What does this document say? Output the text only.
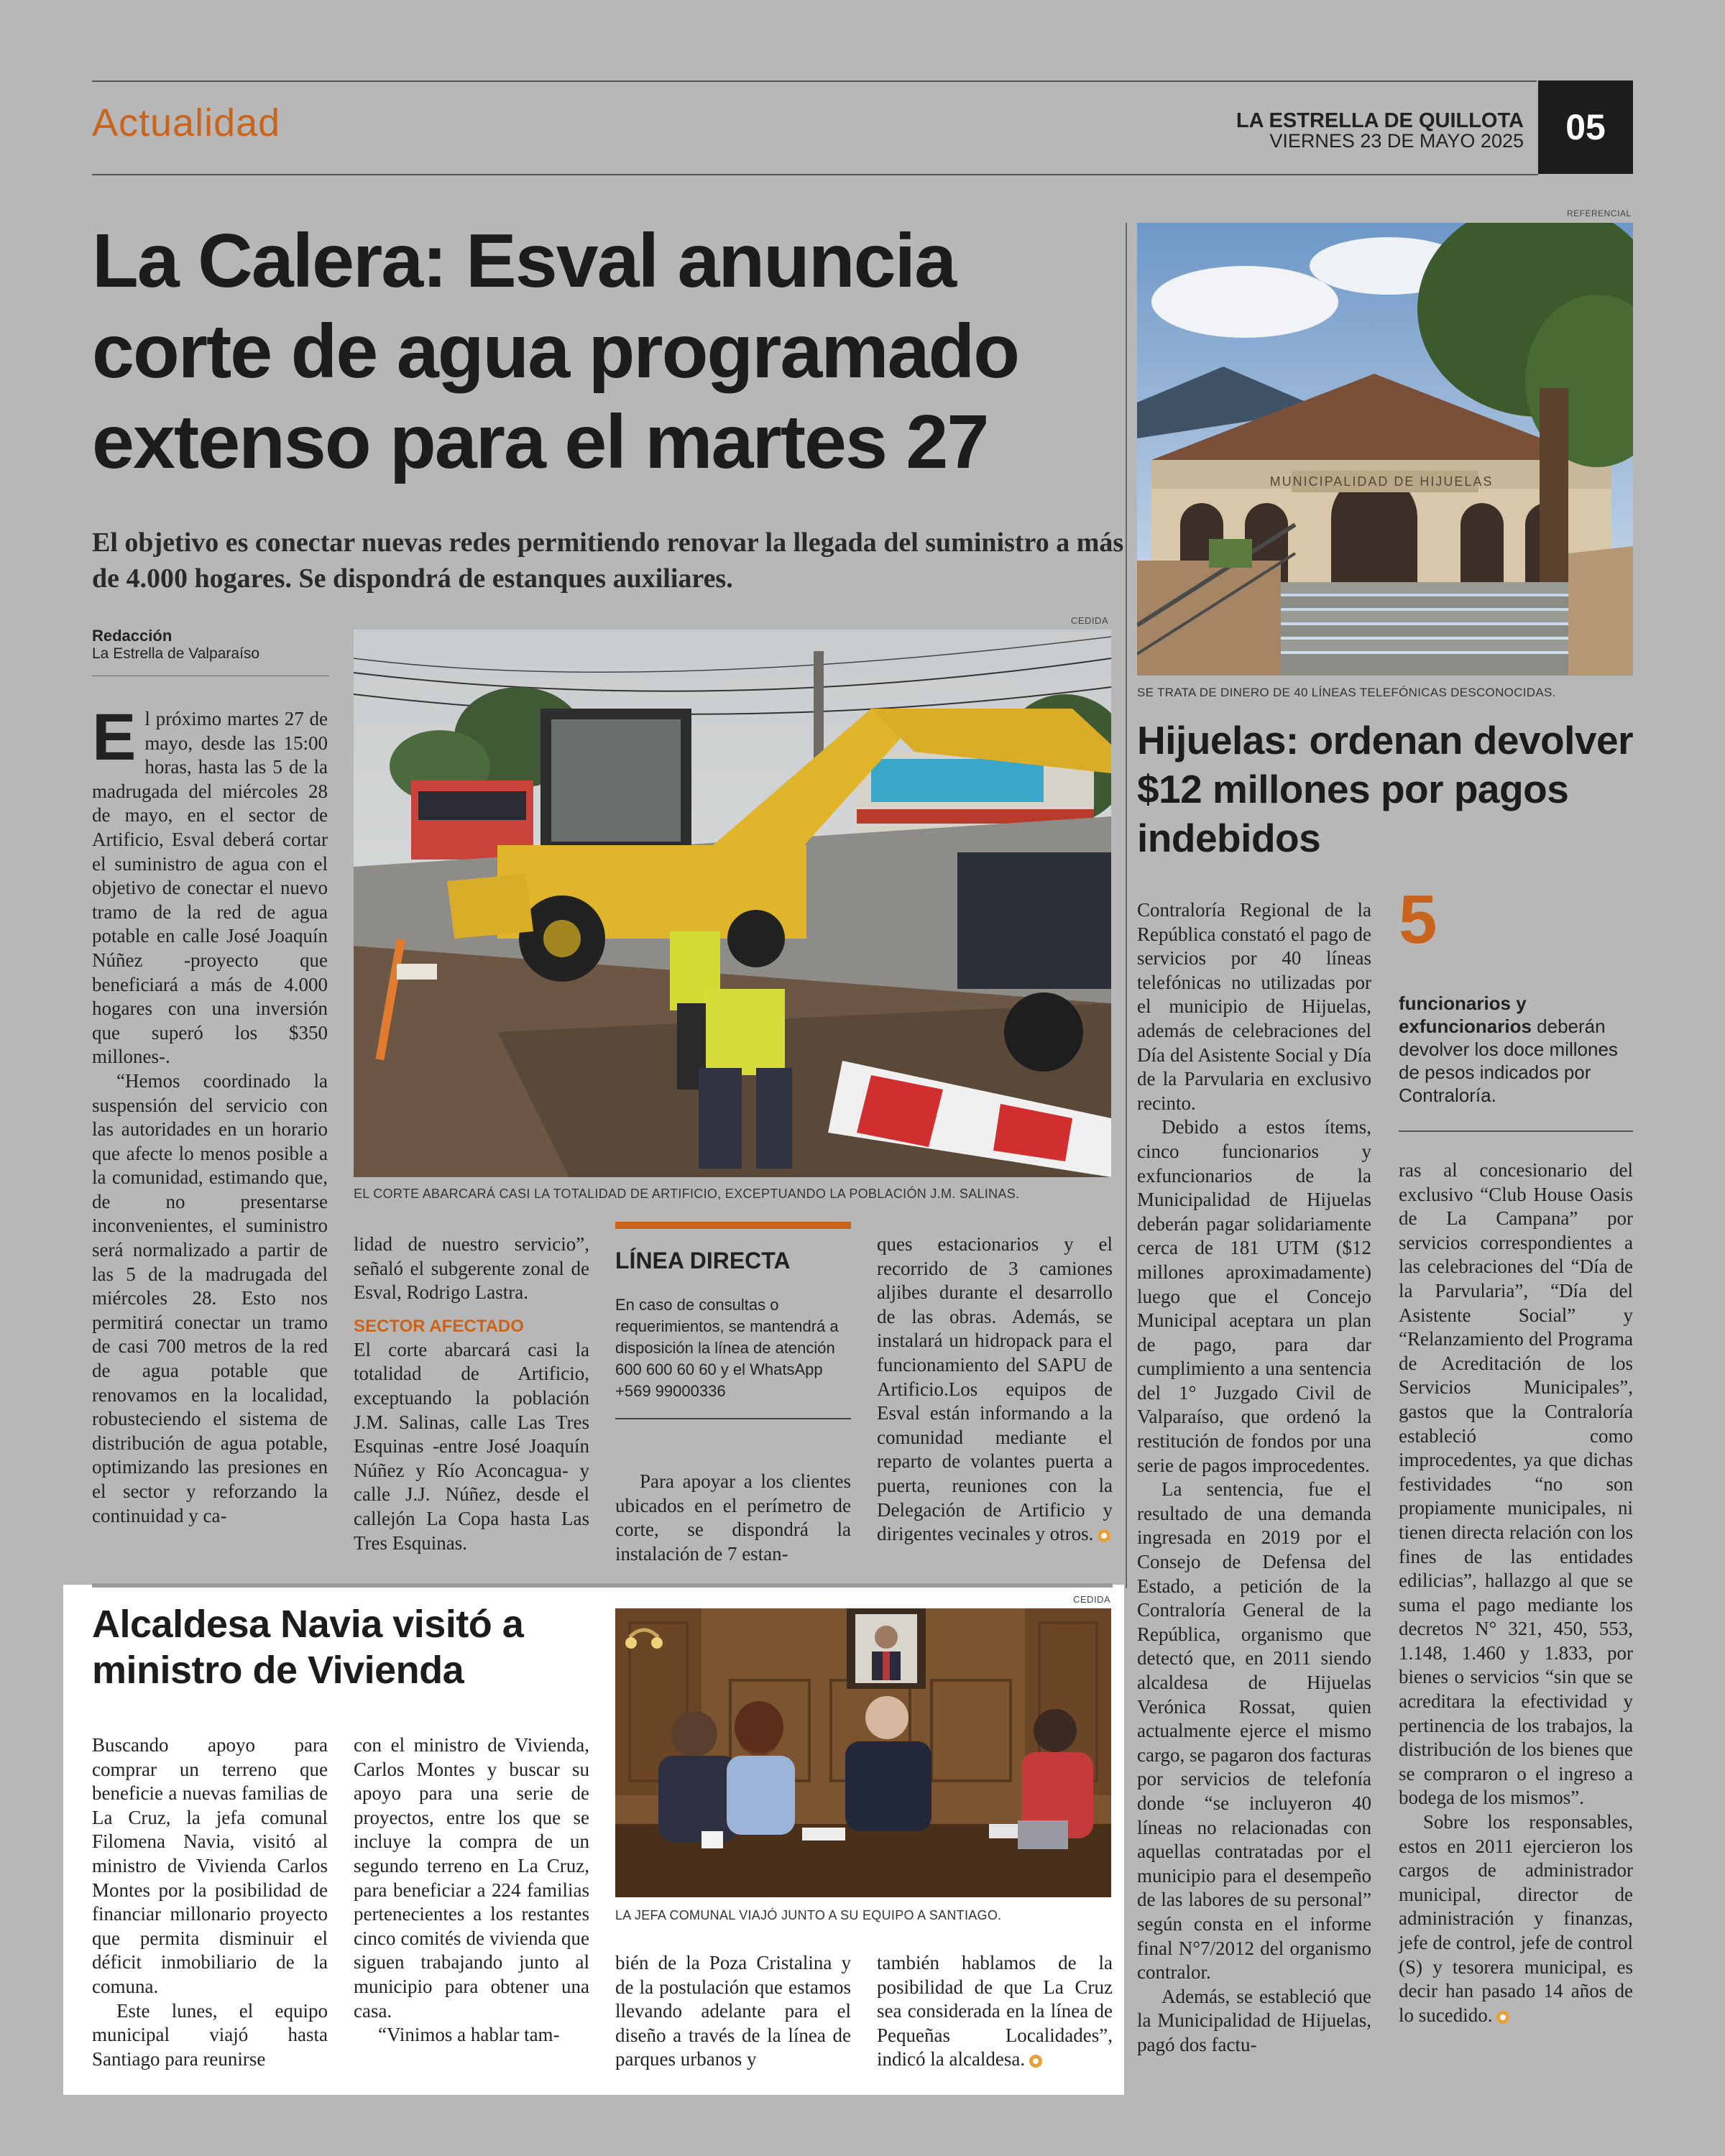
Actualidad	LA ESTRELLA DE QUILLOTA
VIERNES 23 DE MAYO 2025	05
La Calera: Esval anuncia corte de agua programado extenso para el martes 27
El objetivo es conectar nuevas redes permitiendo renovar la llegada del suministro a más de 4.000 hogares. Se dispondrá de estanques auxiliares.
Redacción
La Estrella de Valparaíso
CEDIDA
EL CORTE ABARCARÁ CASI LA TOTALIDAD DE ARTIFICIO, EXCEPTUANDO LA POBLACIÓN J.M. SALINAS.

El próximo martes 27 de mayo, desde las 15:00 horas, hasta las 5 de la madrugada del miércoles 28 de mayo, en el sector de Artificio, Esval deberá cortar el suministro de agua con el objetivo de conectar el nuevo tramo de la red de agua potable en calle José Joaquín Núñez -proyecto que beneficiará a más de 4.000 hogares con una inversión que superó los $350 millones-.

“Hemos coordinado la suspensión del servicio con las autoridades en un horario que afecte lo menos posible a la comunidad, estimando que, de no presentarse inconvenientes, el suministro será normalizado a partir de las 5 de la madrugada del miércoles 28. Esto nos permitirá conectar un tramo de casi 700 metros de la red de agua potable que renovamos en la localidad, robusteciendo el sistema de distribución de agua potable, optimizando las presiones en el sector y reforzando la continuidad y ca-

lidad de nuestro servicio”, señaló el subgerente zonal de Esval, Rodrigo Lastra.

SECTOR AFECTADO

El corte abarcará casi la totalidad de Artificio, exceptuando la población J.M. Salinas, calle Las Tres Esquinas -entre José Joaquín Núñez y Río Aconcagua- y calle J.J. Núñez, desde el callejón La Copa hasta Las Tres Esquinas.

LÍNEA DIRECTA
En caso de consultas o requerimientos, se mantendrá a disposición la línea de atención 600 600 60 60 y el WhatsApp +569 99000336

Para apoyar a los clientes ubicados en el perímetro de corte, se dispondrá la instalación de 7 estan-

ques estacionarios y el recorrido de 3 camiones aljibes durante el desarrollo de las obras. Además, se instalará un hidropack para el funcionamiento del SAPU de Artificio.Los equipos de Esval están informando a la comunidad mediante el reparto de volantes puerta a puerta, reuniones con la Delegación de Artificio y dirigentes vecinales y otros.

REFERENCIAL
MUNICIPALIDAD DE HIJUELAS
SE TRATA DE DINERO DE 40 LÍNEAS TELEFÓNICAS DESCONOCIDAS.
Hijuelas: ordenan devolver $12 millones por pagos indebidos
5
funcionarios y exfuncionarios deberán devolver los doce millones de pesos indicados por Contraloría.

Contraloría Regional de la República constató el pago de servicios por 40 líneas telefónicas no utilizadas por el municipio de Hijuelas, además de celebraciones del Día del Asistente Social y Día de la Parvularia en exclusivo recinto.

Debido a estos ítems, cinco funcionarios y exfuncionarios de la Municipalidad de Hijuelas deberán pagar solidariamente cerca de 181 UTM ($12 millones aproximadamente) luego que el Concejo Municipal aceptara un plan de pago, para dar cumplimiento a una sentencia del 1° Juzgado Civil de Valparaíso, que ordenó la restitución de fondos por una serie de pagos improcedentes.

La sentencia, fue el resultado de una demanda ingresada en 2019 por el Consejo de Defensa del Estado, a petición de la Contraloría General de la República, organismo que detectó que, en 2011 siendo alcaldesa de Hijuelas Verónica Rossat, quien actualmente ejerce el mismo cargo, se pagaron dos facturas por servicios de telefonía donde “se incluyeron 40 líneas no relacionadas con aquellas contratadas por el municipio para el desempeño de las labores de su personal” según consta en el informe final N°7/2012 del organismo contralor.

Además, se estableció que la Municipalidad de Hijuelas, pagó dos factu-

ras al concesionario del exclusivo “Club House Oasis de La Campana” por servicios correspondientes a las celebraciones del “Día de la Parvularia”, “Día del Asistente Social” y “Relanzamiento del Programa de Acreditación de los Servicios Municipales”, gastos que la Contraloría estableció como improcedentes, ya que dichas festividades “no son propiamente municipales, ni tienen directa relación con los fines de las entidades edilicias”, hallazgo al que se suma el pago mediante los decretos N° 321, 450, 553, 1.148, 1.460 y 1.833, por bienes o servicios “sin que se acreditara la efectividad y pertinencia de los trabajos, la distribución de los bienes que se compraron o el ingreso a bodega de los mismos”.

Sobre los responsables, estos en 2011 ejercieron los cargos de administrador municipal, director de administración y finanzas, jefe de control, jefe de control (S) y tesorera municipal, es decir han pasado 14 años de lo sucedido.

Alcaldesa Navia visitó a ministro de Vivienda
CEDIDA
LA JEFA COMUNAL VIAJÓ JUNTO A SU EQUIPO A SANTIAGO.

Buscando apoyo para comprar un terreno que beneficie a nuevas familias de La Cruz, la jefa comunal Filomena Navia, visitó al ministro de Vivienda Carlos Montes por la posibilidad de financiar millonario proyecto que permita disminuir el déficit inmobiliario de la comuna.

Este lunes, el equipo municipal viajó hasta Santiago para reunirse

con el ministro de Vivienda, Carlos Montes y buscar su apoyo para una serie de proyectos, entre los que se incluye la compra de un segundo terreno en La Cruz, para beneficiar a 224 familias pertenecientes a los restantes cinco comités de vivienda que siguen trabajando junto al municipio para obtener una casa.

“Vinimos a hablar tam-

bién de la Poza Cristalina y de la postulación que estamos llevando adelante para el diseño a través de la línea de parques urbanos y

también hablamos de la posibilidad de que La Cruz sea considerada en la línea de Pequeñas Localidades”, indicó la alcaldesa.
